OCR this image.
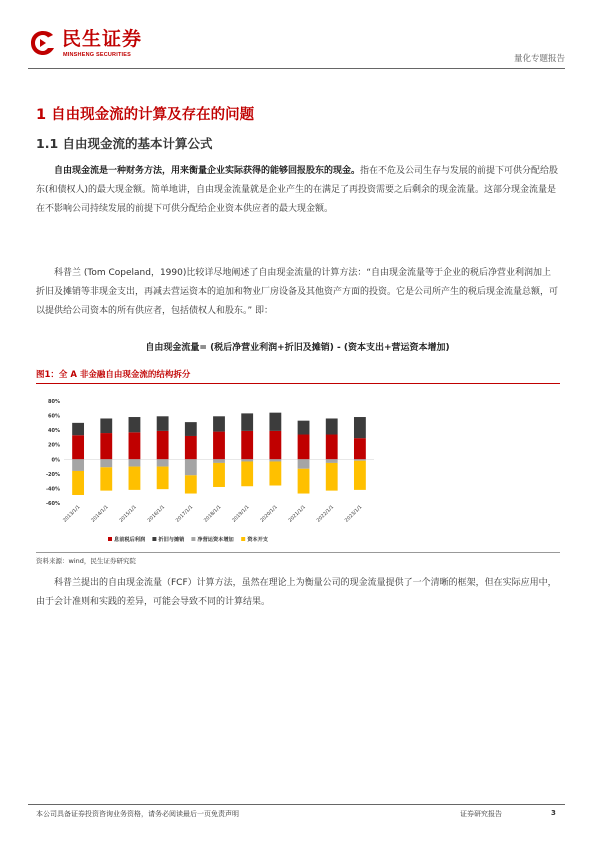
民生证券
MINSHENG SECURITIES	量化专题报告
1 自由现金流的计算及存在的问题
1.1 自由现金流的基本计算公式

自由现金流是一种财务方法，用来衡量企业实际获得的能够回报股东的现金。指在不危及公司生存与发展的前提下可供分配给股东(和债权人)的最大现金额。简单地讲，自由现金流量就是企业产生的在满足了再投资需要之后剩余的现金流量。这部分现金流量是在不影响公司持续发展的前提下可供分配给企业资本供应者的最大现金额。

科普兰 (Tom Copeland，1990)比较详尽地阐述了自由现金流量的计算方法：“自由现金流量等于企业的税后净营业利润加上折旧及摊销等非现金支出，再减去营运资本的追加和物业厂房设备及其他资产方面的投资。它是公司所产生的税后现金流量总额，可以提供给公司资本的所有供应者，包括债权人和股东。” 即：

自由现金流量= (税后净营业利润+折旧及摊销) - (资本支出+营运资本增加)
图1：全 A 非金融自由现金流的结构拆分
80%
60%
40%
20%
0%
-20%
-40%
-60%
2013/1/1 2014/1/1 2015/1/1 2016/1/1 2017/1/1 2018/1/1 2019/1/1 2020/1/1 2021/1/1 2022/1/1 2023/1/1
息前税后利润	折旧与摊销	净营运资本增加	资本开支
资料来源：wind，民生证券研究院

科普兰提出的自由现金流量（FCF）计算方法，虽然在理论上为衡量公司的现金流量提供了一个清晰的框架，但在实际应用中，由于会计准则和实践的差异，可能会导致不同的计算结果。

本公司具备证券投资咨询业务资格，请务必阅读最后一页免责声明	证券研究报告	3
